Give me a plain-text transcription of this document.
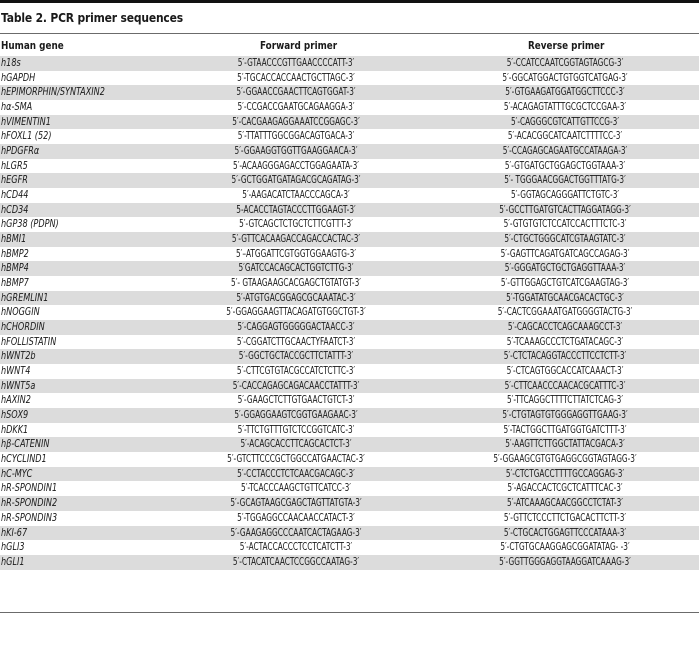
Table 2. PCR primer sequences
Human gene	Forward primer	Reverse primer
h18s	5′-GTAACCCGTTGAACCCCATT-3′	5′-CCATCCAATCGGTAGTAGCG-3′
hGAPDH	5′-TGCACCACCAACTGCTTAGC-3′	5′-GGCATGGACTGTGGTCATGAG-3′
hEPIMORPHIN/SYNTAXIN2	5′-GGAACCGAACTTCAGTGGAT-3′	5′-GTGAAGATGGATGGCTTCCC-3′
hα-SMA	5′-CCGACCGAATGCAGAAGGA-3′	5′-ACAGAGTATTTGCGCTCCGAA-3′
hVIMENTIN1	5′-CACGAAGAGGAAATCCGGAGC-3′	5′-CAGGGCGTCATTGTTCCG-3′
hFOXL1 (52)	5′-TTATTTGGCGGACAGTGACA-3′	5′-ACACGGCATCAATCTTTTCC-3′
hPDGFRα	5′-GGAAGGTGGTTGAAGGAACA-3′	5′-CCAGAGCAGAATGCCATAAGA-3′
hLGR5	5′-ACAAGGGAGACCTGGAGAATA-3′	5′-GTGATGCTGGAGCTGGTAAA-3′
hEGFR	5′-GCTGGATGATAGACGCAGATAG-3′	5′- TGGGAACGGACTGGTTTATG-3′
hCD44	5′-AAGACATCTAACCCAGCA-3′	5′-GGTAGCAGGGATTCTGTC-3′
hCD34	5-ACACCTAGTACCCTTGGAAGT-3′	5′-GCCTTGATGTCACTTAGGATAGG-3′
hGP38 (PDPN)	5′-GTCAGCTCTGCTCTTCGTTT-3′	5′-GTGTGTCTCCATCCACTTTCTC-3′
hBMI1	5′-GTTCACAAGACCAGACCACTAC-3′	5′-CTGCTGGGCATCGTAAGTATC-3′
hBMP2	5′–ATGGATTCGTGGTGGAAGTG-3′	5′-GAGTTCAGATGATCAGCCAGAG-3′
hBMP4	5′GATCCACAGCACTGGTCTTG-3′	5′-GGGATGCTGCTGAGGTTAAA-3′
hBMP7	5′- GTAAGAAGCACGAGCTGTATGT-3′	5′-GTTGGAGCTGTCATCGAAGTAG-3′
hGREMLIN1	5′-ATGTGACGGAGCGCAAATAC-3′	5′-TGGATATGCAACGACACTGC-3′
hNOGGIN	5′-GGAGGAAGTTACAGATGTGGCTGT-3′	5′-CACTCGGAAATGATGGGGTACTG-3′
hCHORDIN	5′-CAGGAGTGGGGGACTAACC-3′	5′-CAGCACCTCAGCAAAGCCT-3′
hFOLLISTATIN	5′-CGGATCTTGCAACTYFAATCT-3′	5′-TCAAAGCCCTCTGATACAGC-3′
hWNT2b	5′-GGCTGCTACCGCTTCTATTT-3′	5′-CTCTACAGGTACCCTTCCTCTT-3′
hWNT4	5′-CTTCGTGTACGCCATCTCTTC-3′	5′-CTCAGTGGCACCATCAAACT-3′
hWNT5a	5′-CACCAGAGCAGACAACCTATTT-3′	5′-CTTCAACCCAACACGCATTTC-3′
hAXIN2	5′-GAAGCTCTTGTGAACTGTCT-3′	5′-TTCAGGCTTTTCTTATCTCAG-3′
hSOX9	5′-GGAGGAAGTCGGTGAAGAAC-3′	5′-CTGTAGTGTGGGAGGTTGAAG-3′
hDKK1	5′-TTCTGTTTGTCTCCGGTCATC-3′	5′-TACTGGCTTGATGGTGATCTTT-3′
hβ-CATENIN	5′-ACAGCACCTTCAGCACTCT-3′	5′-AAGTTCTTGGCTATTACGACA-3′
hCYCLIND1	5′-GTCTTCCCGCTGGCCATGAACTAC-3′	5′-GGAAGCGTGTGAGGCGGTAGTAGG-3′
hC-MYC	5′-CCTACCCTCTCAACGACAGC-3′	5′-CTCTGACCTTTTGCCAGGAG-3′
hR-SPONDIN1	5′-TCACCCAAGCTGTTCATCC-3′	5′-AGACCACTCGCTCATTTCAC-3′
hR-SPONDIN2	5′-GCAGTAAGCGAGCTAGTTATGTA-3′	5′-ATCAAAGCAACGGCCTCTAT-3′
hR-SPONDIN3	5′-TGGAGGCCAACAACCATACT-3′	5′-GTTCTCCCTTCTGACACTTCTT-3′
hKI-67	5′-GAAGAGGCCCAATCACTAGAAG-3′	5′-CTGCACTGGAGTTCCCATAAA-3′
hGLI3	5′-ACTACCACCCTCCTCATCTT-3′	5′-CTGTGCAAGGAGCGGATATAG- -3′
hGLI1	5′-CTACATCAACTCCGGCCAATAG-3′	5′-GGTTGGGAGGTAAGGATCAAAG-3′
